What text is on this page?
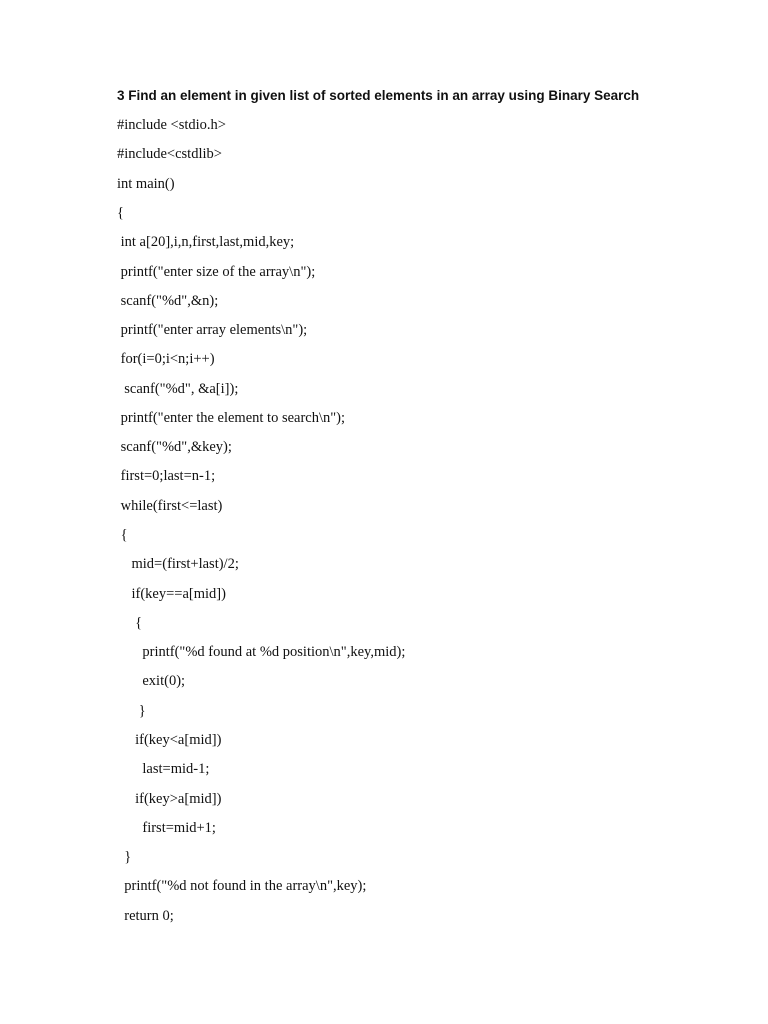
3 Find an element in given list of sorted elements in an array using Binary Search
#include <stdio.h>
#include<cstdlib>
int main()
{
int a[20],i,n,first,last,mid,key;
printf("enter size of the array\n");
scanf("%d",&n);
printf("enter array elements\n");
for(i=0;i<n;i++)
scanf("%d", &a[i]);
printf("enter the element to search\n");
scanf("%d",&key);
first=0;last=n-1;
while(first<=last)
{
mid=(first+last)/2;
if(key==a[mid])
{
printf("%d found at %d position\n",key,mid);
exit(0);
}
if(key<a[mid])
last=mid-1;
if(key>a[mid])
first=mid+1;
}
printf("%d not found in the array\n",key);
return 0;
